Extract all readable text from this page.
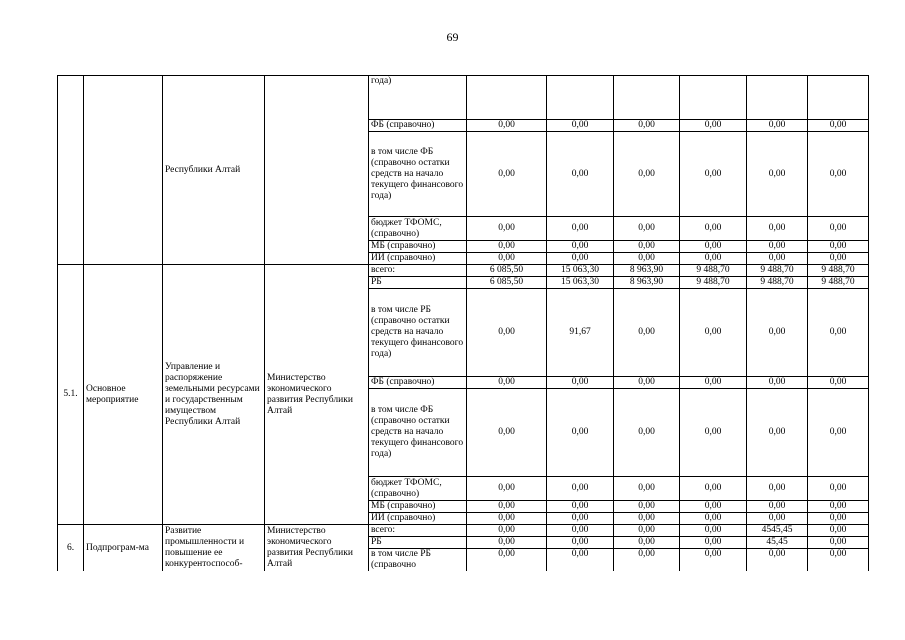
69
		Республики Алтай		года)						
				ФБ (справочно)	0,00	0,00	0,00	0,00	0,00	0,00
				в том числе ФБ (справочно остатки средств на начало текущего финансового года)	0,00	0,00	0,00	0,00	0,00	0,00
				бюджет ТФОМС, (справочно)	0,00	0,00	0,00	0,00	0,00	0,00
				МБ (справочно)	0,00	0,00	0,00	0,00	0,00	0,00
				ИИ (справочно)	0,00	0,00	0,00	0,00	0,00	0,00
5.1.	Основное мероприятие	Управление и распоряжение земельными ресурсами и государственным имуществом Республики Алтай	Министерство экономического развития Республики Алтай	всего:	6 085,50	15 063,30	8 963,90	9 488,70	9 488,70	9 488,70
				РБ	6 085,50	15 063,30	8 963,90	9 488,70	9 488,70	9 488,70
				в том числе РБ (справочно остатки средств на начало текущего финансового года)	0,00	91,67	0,00	0,00	0,00	0,00
				ФБ (справочно)	0,00	0,00	0,00	0,00	0,00	0,00
				в том числе ФБ (справочно остатки средств на начало текущего финансового года)	0,00	0,00	0,00	0,00	0,00	0,00
				бюджет ТФОМС, (справочно)	0,00	0,00	0,00	0,00	0,00	0,00
				МБ (справочно)	0,00	0,00	0,00	0,00	0,00	0,00
				ИИ (справочно)	0,00	0,00	0,00	0,00	0,00	0,00
6.	Подпрограм-ма	Развитие промышленности и повышение ее конкурентоспособ-	Министерство экономического развития Республики Алтай	всего:	0,00	0,00	0,00	0,00	4545,45	0,00
				РБ	0,00	0,00	0,00	0,00	45,45	0,00
				в том числе РБ (справочно	0,00	0,00	0,00	0,00	0,00	0,00
